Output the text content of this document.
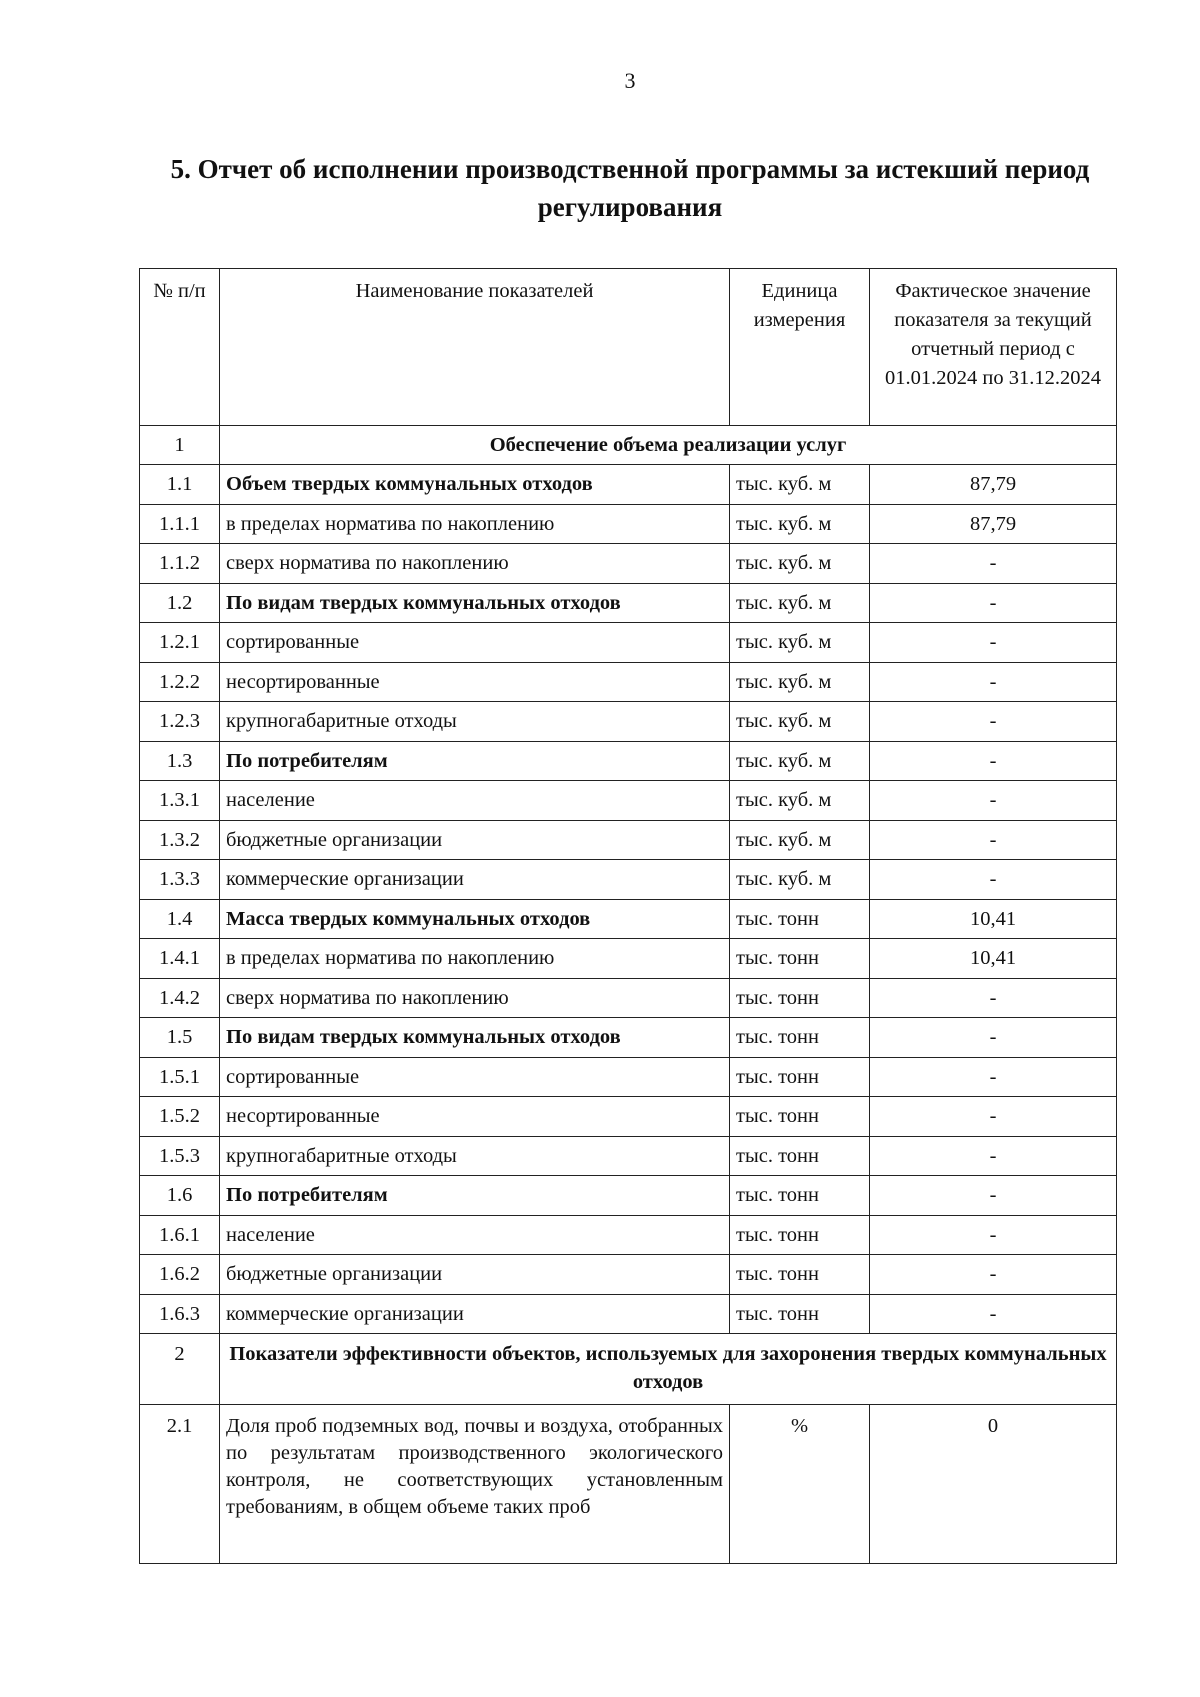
3
5. Отчет об исполнении производственной программы за истекший период регулирования
№ п/п	Наименование показателей	Единица измерения	Фактическое значение показателя за текущий отчетный период с 01.01.2024 по 31.12.2024
1	Обеспечение объема реализации услуг		
1.1	Объем твердых коммунальных отходов	тыс. куб. м	87,79
1.1.1	в пределах норматива по накоплению	тыс. куб. м	87,79
1.1.2	сверх норматива по накоплению	тыс. куб. м	-
1.2	По видам твердых коммунальных отходов	тыс. куб. м	-
1.2.1	сортированные	тыс. куб. м	-
1.2.2	несортированные	тыс. куб. м	-
1.2.3	крупногабаритные отходы	тыс. куб. м	-
1.3	По потребителям	тыс. куб. м	-
1.3.1	население	тыс. куб. м	-
1.3.2	бюджетные организации	тыс. куб. м	-
1.3.3	коммерческие организации	тыс. куб. м	-
1.4	Масса твердых коммунальных отходов	тыс. тонн	10,41
1.4.1	в пределах норматива по накоплению	тыс. тонн	10,41
1.4.2	сверх норматива по накоплению	тыс. тонн	-
1.5	По видам твердых коммунальных отходов	тыс. тонн	-
1.5.1	сортированные	тыс. тонн	-
1.5.2	несортированные	тыс. тонн	-
1.5.3	крупногабаритные отходы	тыс. тонн	-
1.6	По потребителям	тыс. тонн	-
1.6.1	население	тыс. тонн	-
1.6.2	бюджетные организации	тыс. тонн	-
1.6.3	коммерческие организации	тыс. тонн	-
2	Показатели эффективности объектов, используемых для захоронения твердых коммунальных отходов		
2.1	Доля проб подземных вод, почвы и воздуха, отобранных по результатам производственного экологического контроля, не соответствующих установленным требованиям, в общем объеме таких проб	%	0
